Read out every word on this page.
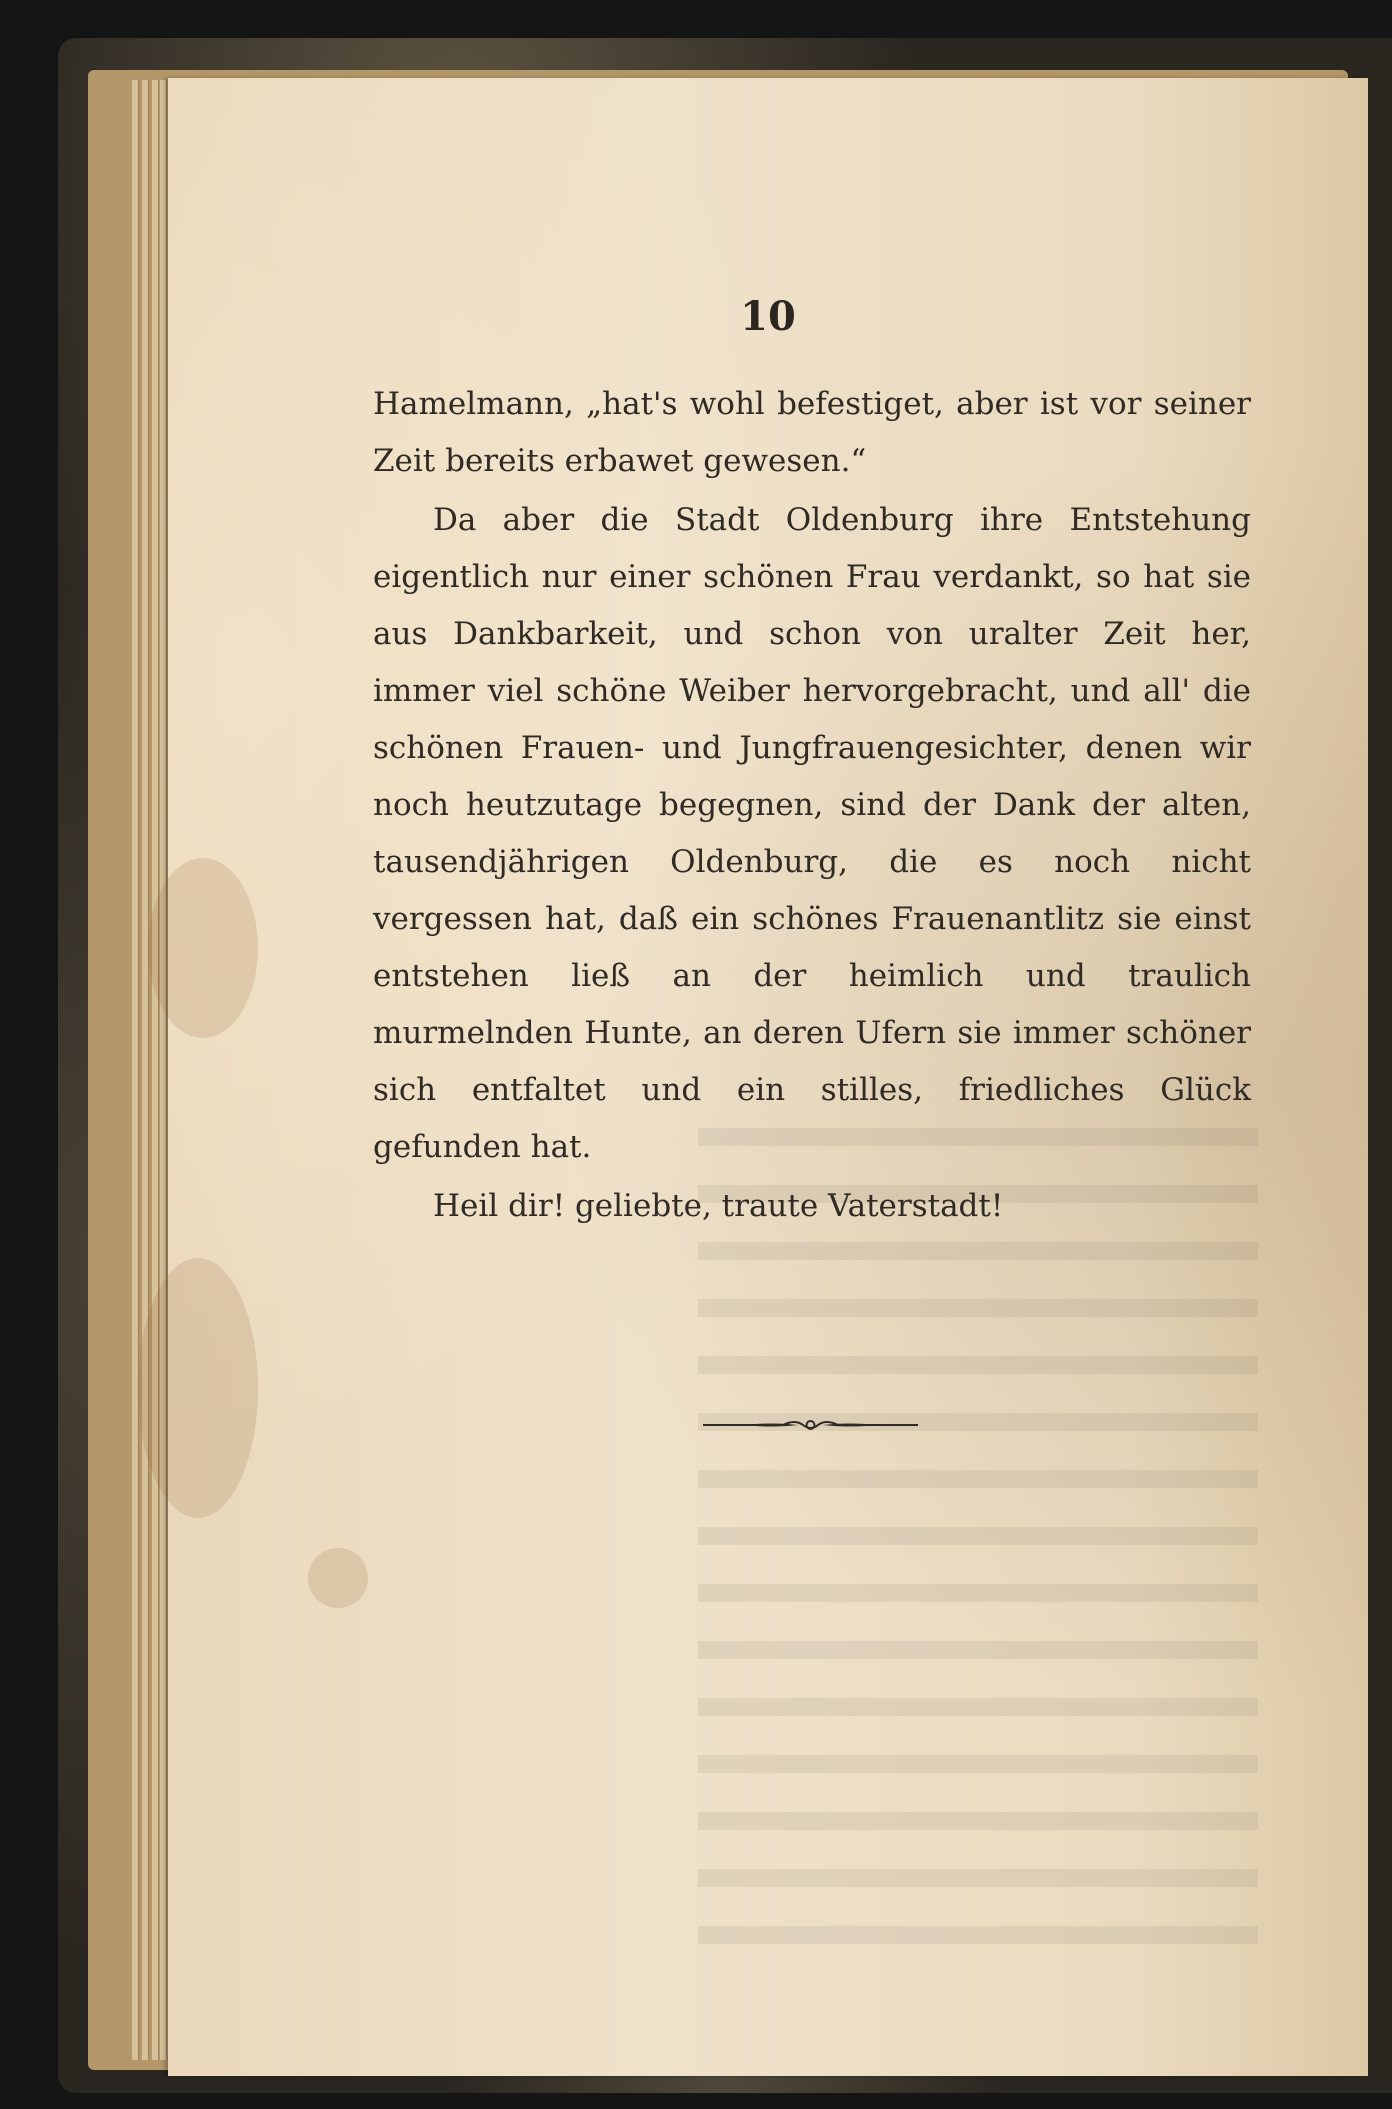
10

Hamelmann, „hat's wohl befestiget, aber ist vor seiner Zeit bereits erbawet gewesen.“

Da aber die Stadt Oldenburg ihre Entstehung eigentlich nur einer schönen Frau verdankt, so hat sie aus Dankbarkeit, und schon von uralter Zeit her, immer viel schöne Weiber hervorgebracht, und all' die schönen Frauen- und Jungfrauengesichter, denen wir noch heutzutage begegnen, sind der Dank der alten, tausendjährigen Oldenburg, die es noch nicht vergessen hat, daß ein schönes Frauenantlitz sie einst entstehen ließ an der heimlich und traulich murmelnden Hunte, an deren Ufern sie immer schöner sich entfaltet und ein stilles, friedliches Glück gefunden hat.

Heil dir! geliebte, traute Vaterstadt!
